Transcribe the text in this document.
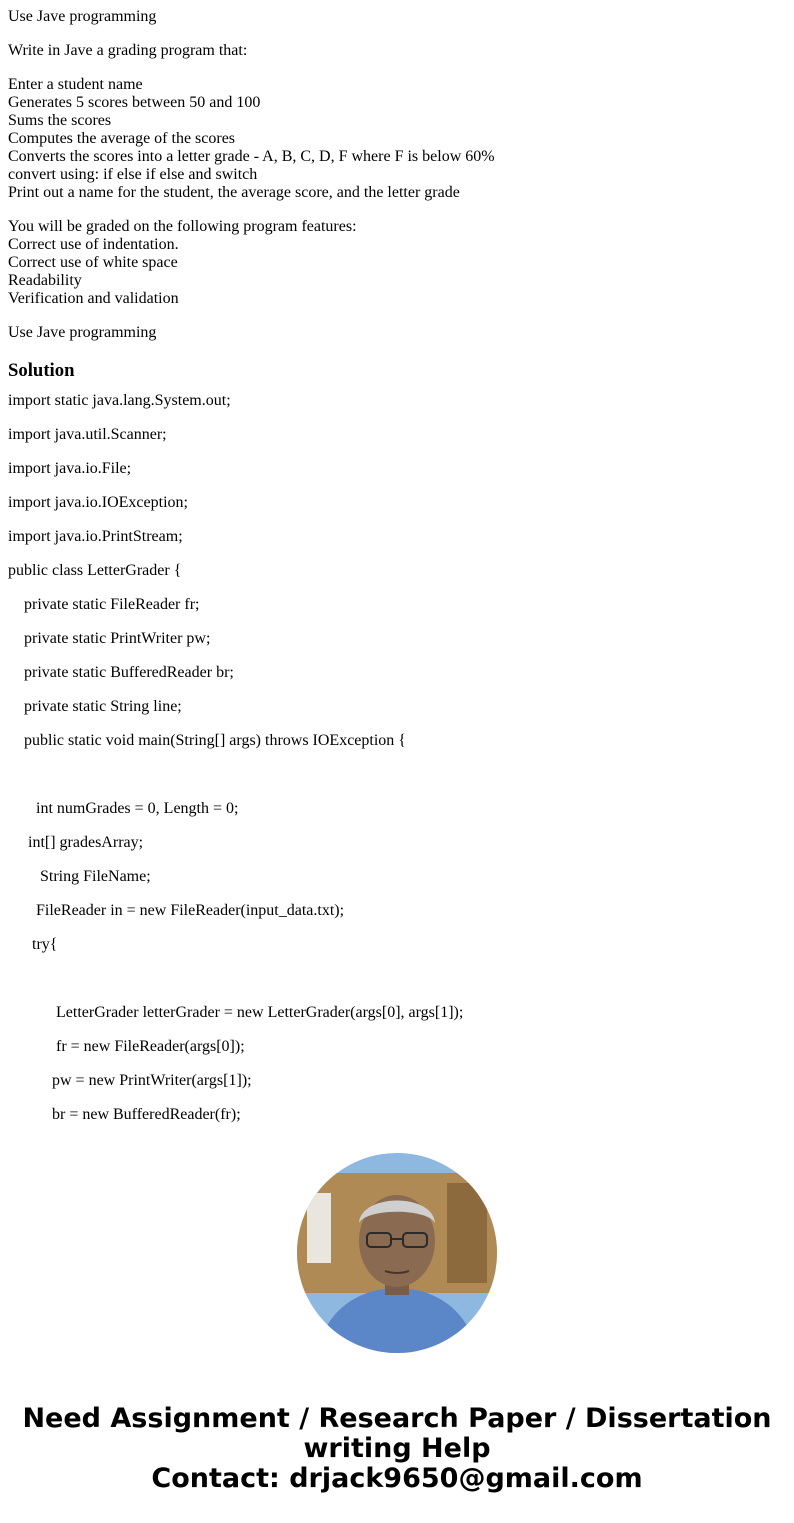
Use Jave programming
Write in Jave a grading program that:
Enter a student name
Generates 5 scores between 50 and 100
Sums the scores
Computes the average of the scores
Converts the scores into a letter grade - A, B, C, D, F where F is below 60%
convert using: if else if else and switch
Print out a name for the student, the average score, and the letter grade
You will be graded on the following program features:
Correct use of indentation.
Correct use of white space
Readability
Verification and validation
Use Jave programming
Solution
import static java.lang.System.out;
import java.util.Scanner;
import java.io.File;
import java.io.IOException;
import java.io.PrintStream;
public class LetterGrader {
private static FileReader fr;
private static PrintWriter pw;
private static BufferedReader br;
private static String line;
public static void main(String[] args) throws IOException {
int numGrades = 0, Length = 0;
int[] gradesArray;
String FileName;
FileReader in = new FileReader(input_data.txt);
try{
LetterGrader letterGrader = new LetterGrader(args[0], args[1]);
fr = new FileReader(args[0]);
pw = new PrintWriter(args[1]);
br = new BufferedReader(fr);
Need Assignment / Research Paper / Dissertation
writing Help
Contact: drjack9650@gmail.com
